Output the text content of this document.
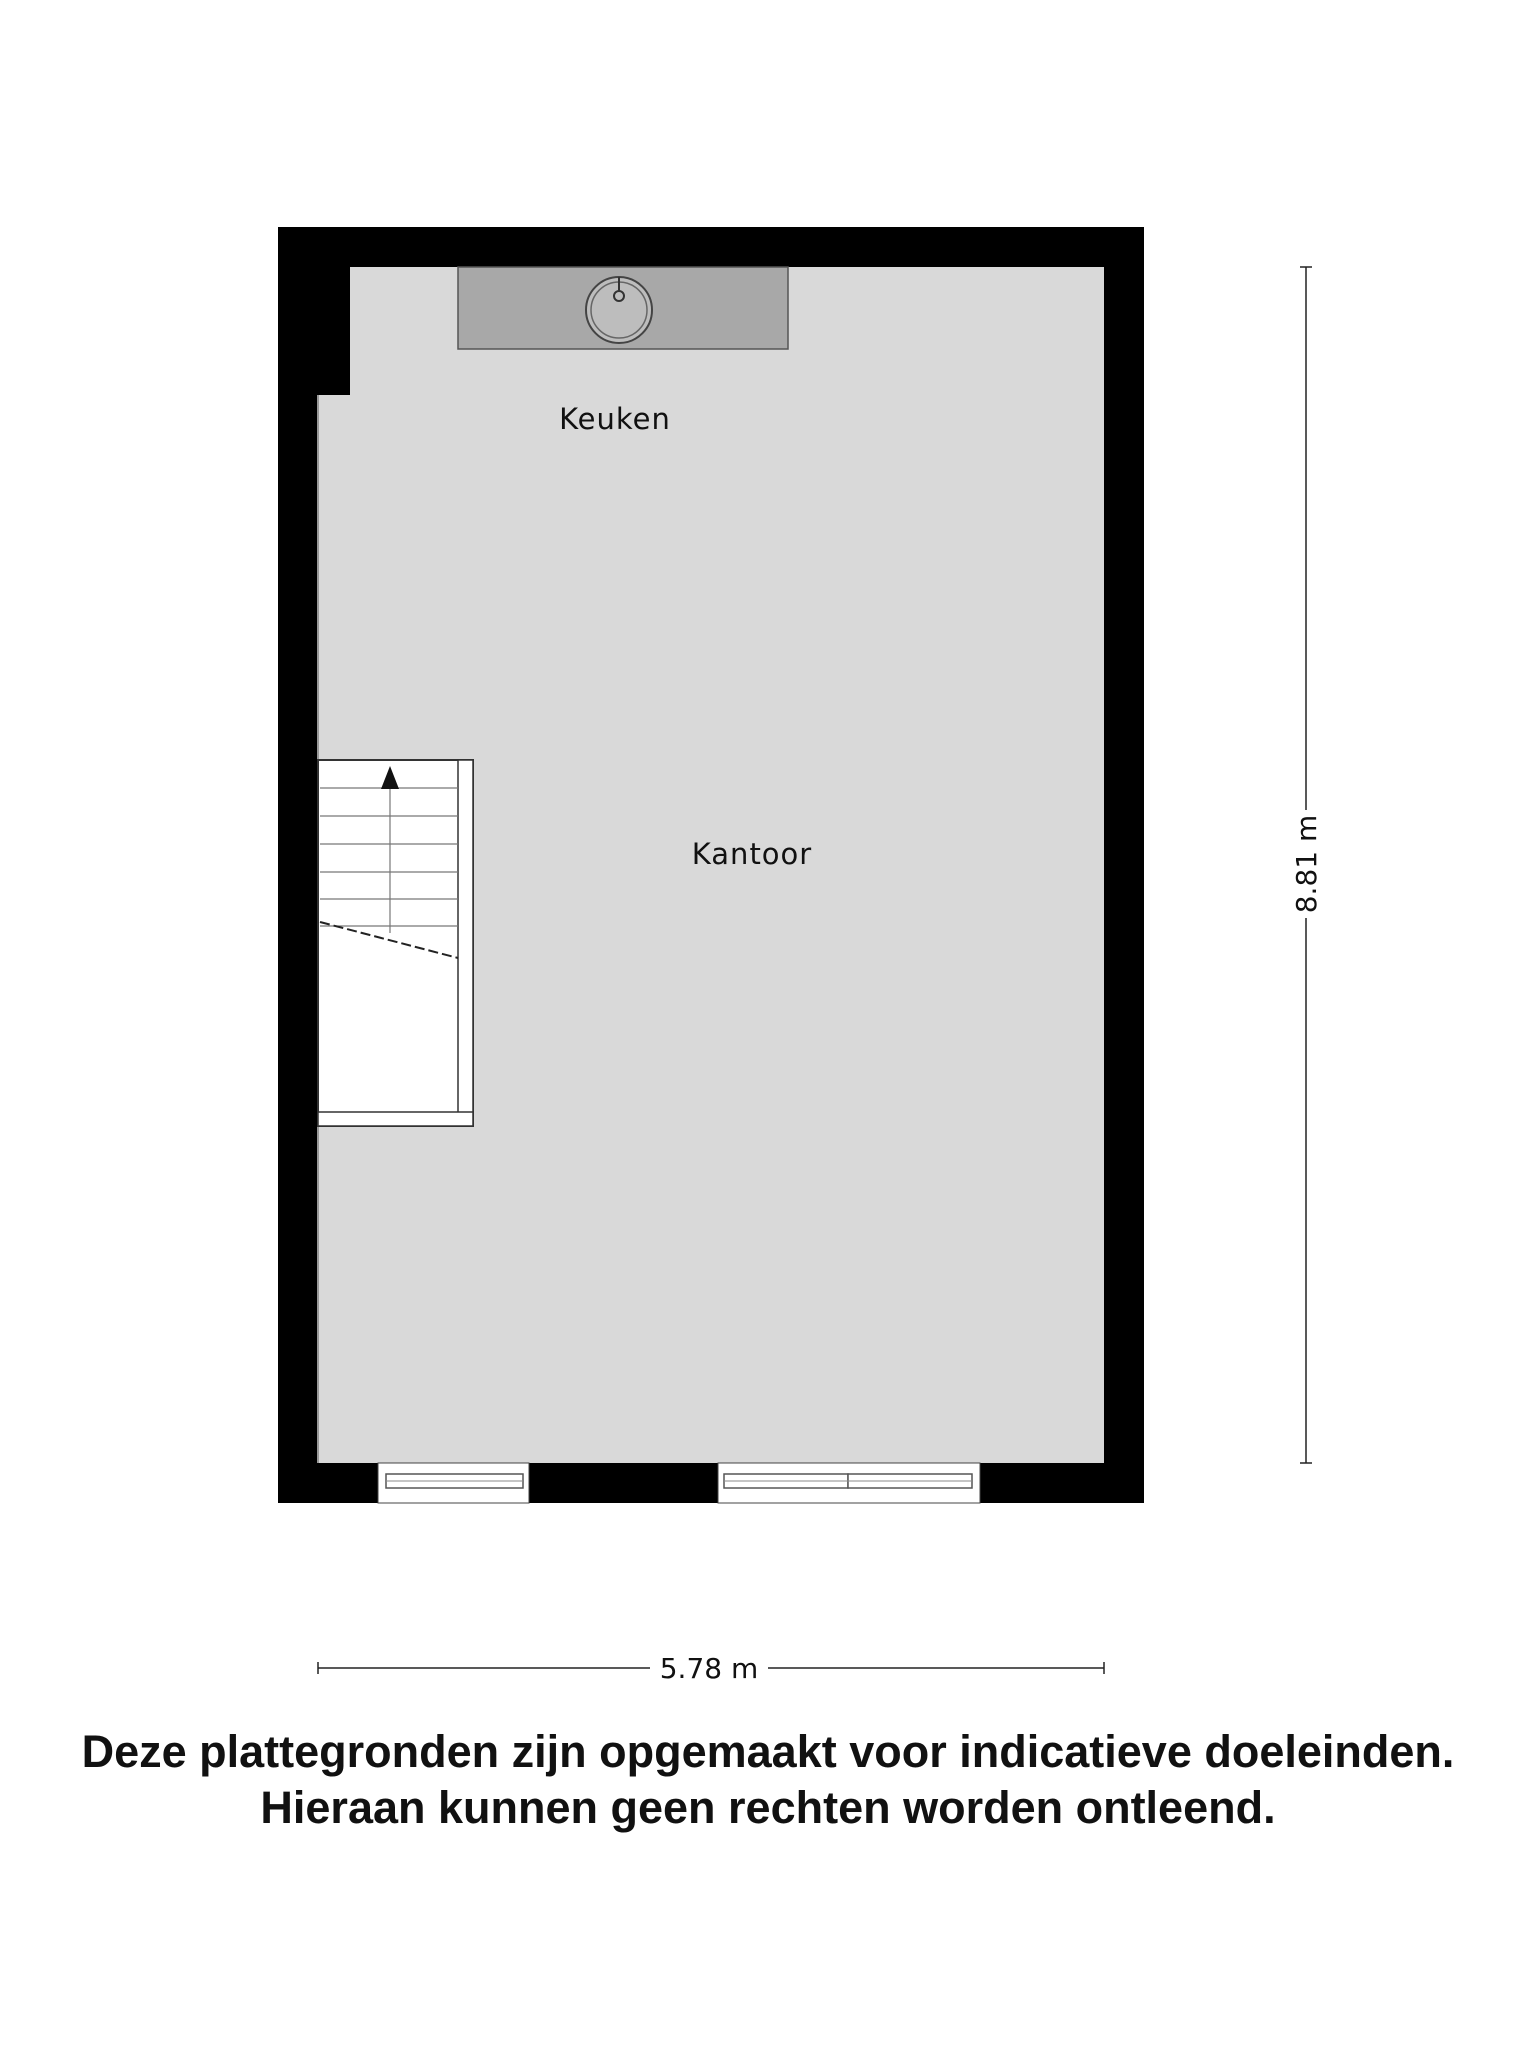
Keuken
Kantoor	8.81 m
5.78 m
Deze plattegronden zijn opgemaakt voor indicatieve doeleinden.
Hieraan kunnen geen rechten worden ontleend.
